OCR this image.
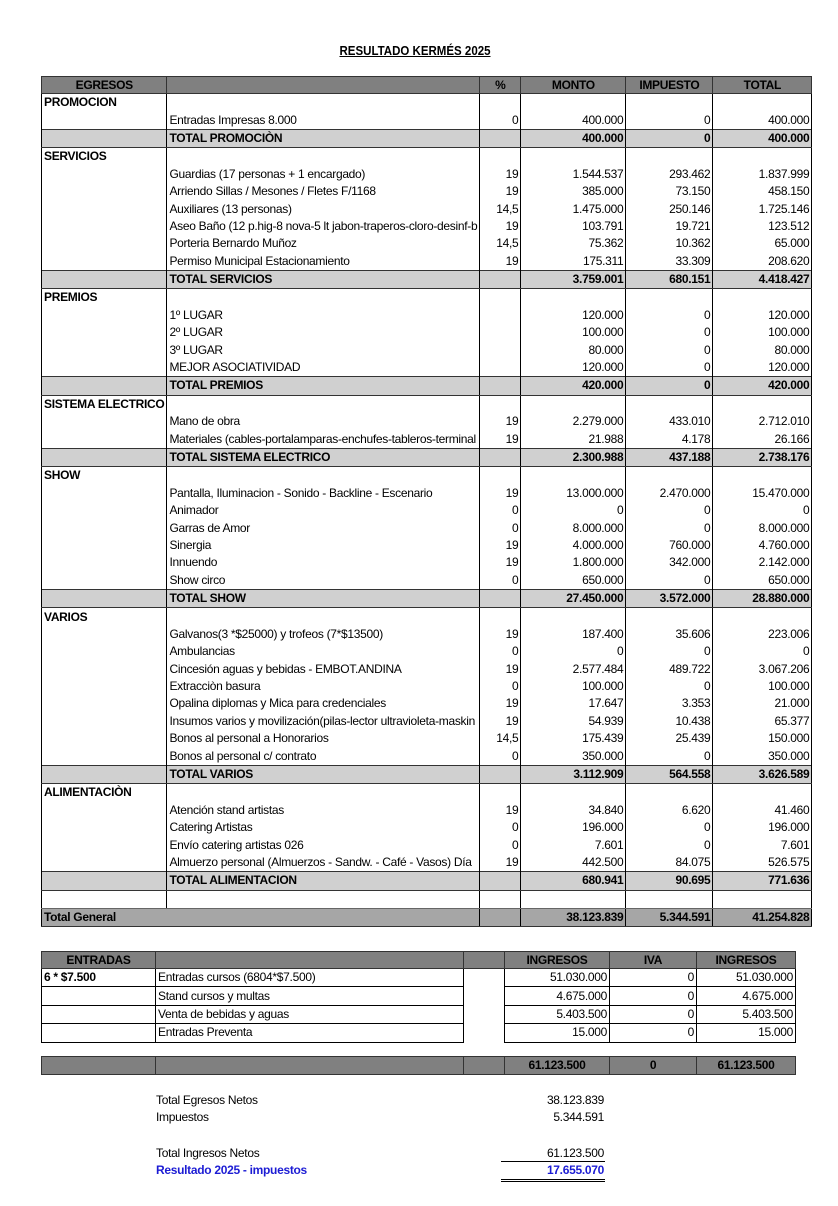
RESULTADO KERMÉS 2025
EGRESOS		%	MONTO	IMPUESTO	TOTAL
PROMOCION					
	Entradas Impresas 8.000	0	400.000	0	400.000
	TOTAL PROMOCIÒN		400.000	0	400.000
SERVICIOS					
	Guardias (17 personas + 1 encargado)	19	1.544.537	293.462	1.837.999
	Arriendo Sillas / Mesones / Fletes F/1168	19	385.000	73.150	458.150
	Auxiliares (13 personas)	14,5	1.475.000	250.146	1.725.146
	Aseo Baño (12 p.hig-8 nova-5 lt jabon-traperos-cloro-desinf-b	19	103.791	19.721	123.512
	Porteria Bernardo Muñoz	14,5	75.362	10.362	65.000
	Permiso Municipal Estacionamiento	19	175.311	33.309	208.620
	TOTAL SERVICIOS		3.759.001	680.151	4.418.427
PREMIOS					
	1º LUGAR		120.000	0	120.000
	2º LUGAR		100.000	0	100.000
	3º LUGAR		80.000	0	80.000
	MEJOR ASOCIATIVIDAD		120.000	0	120.000
	TOTAL PREMIOS		420.000	0	420.000
SISTEMA ELECTRICO					
	Mano de obra	19	2.279.000	433.010	2.712.010
	Materiales (cables-portalamparas-enchufes-tableros-terminal	19	21.988	4.178	26.166
	TOTAL SISTEMA ELECTRICO		2.300.988	437.188	2.738.176
SHOW					
	Pantalla, Iluminacion - Sonido - Backline - Escenario	19	13.000.000	2.470.000	15.470.000
	Animador	0	0	0	0
	Garras de Amor	0	8.000.000	0	8.000.000
	Sinergia	19	4.000.000	760.000	4.760.000
	Innuendo	19	1.800.000	342.000	2.142.000
	Show circo	0	650.000	0	650.000
	TOTAL SHOW		27.450.000	3.572.000	28.880.000
VARIOS					
	Galvanos(3 *$25000) y trofeos (7*$13500)	19	187.400	35.606	223.006
	Ambulancias	0	0	0	0
	Cincesión aguas y bebidas - EMBOT.ANDINA	19	2.577.484	489.722	3.067.206
	Extracciòn basura	0	100.000	0	100.000
	Opalina diplomas y Mica para credenciales	19	17.647	3.353	21.000
	Insumos varios y movilización(pilas-lector ultravioleta-maskin	19	54.939	10.438	65.377
	Bonos al personal a Honorarios	14,5	175.439	25.439	150.000
	Bonos al personal c/ contrato	0	350.000	0	350.000
	TOTAL VARIOS		3.112.909	564.558	3.626.589
ALIMENTACIÒN					
	Atención stand artistas	19	34.840	6.620	41.460
	Catering Artistas	0	196.000	0	196.000
	Envío catering artistas 026	0	7.601	0	7.601
	Almuerzo personal (Almuerzos - Sandw. - Café - Vasos) Día	19	442.500	84.075	526.575
	TOTAL ALIMENTACION		680.941	90.695	771.636

Total General			38.123.839	5.344.591	41.254.828
ENTRADAS			INGRESOS	IVA	INGRESOS
6 * $7.500	Entradas cursos (6804*$7.500)		51.030.000	0	51.030.000
	Stand cursos y multas		4.675.000	0	4.675.000
	Venta de bebidas y aguas		5.403.500	0	5.403.500
	Entradas Preventa		15.000	0	15.000
			61.123.500	0	61.123.500
Total Egresos Netos	38.123.839
Impuestos	5.344.591
Total Ingresos Netos	61.123.500
Resultado 2025 - impuestos	17.655.070
